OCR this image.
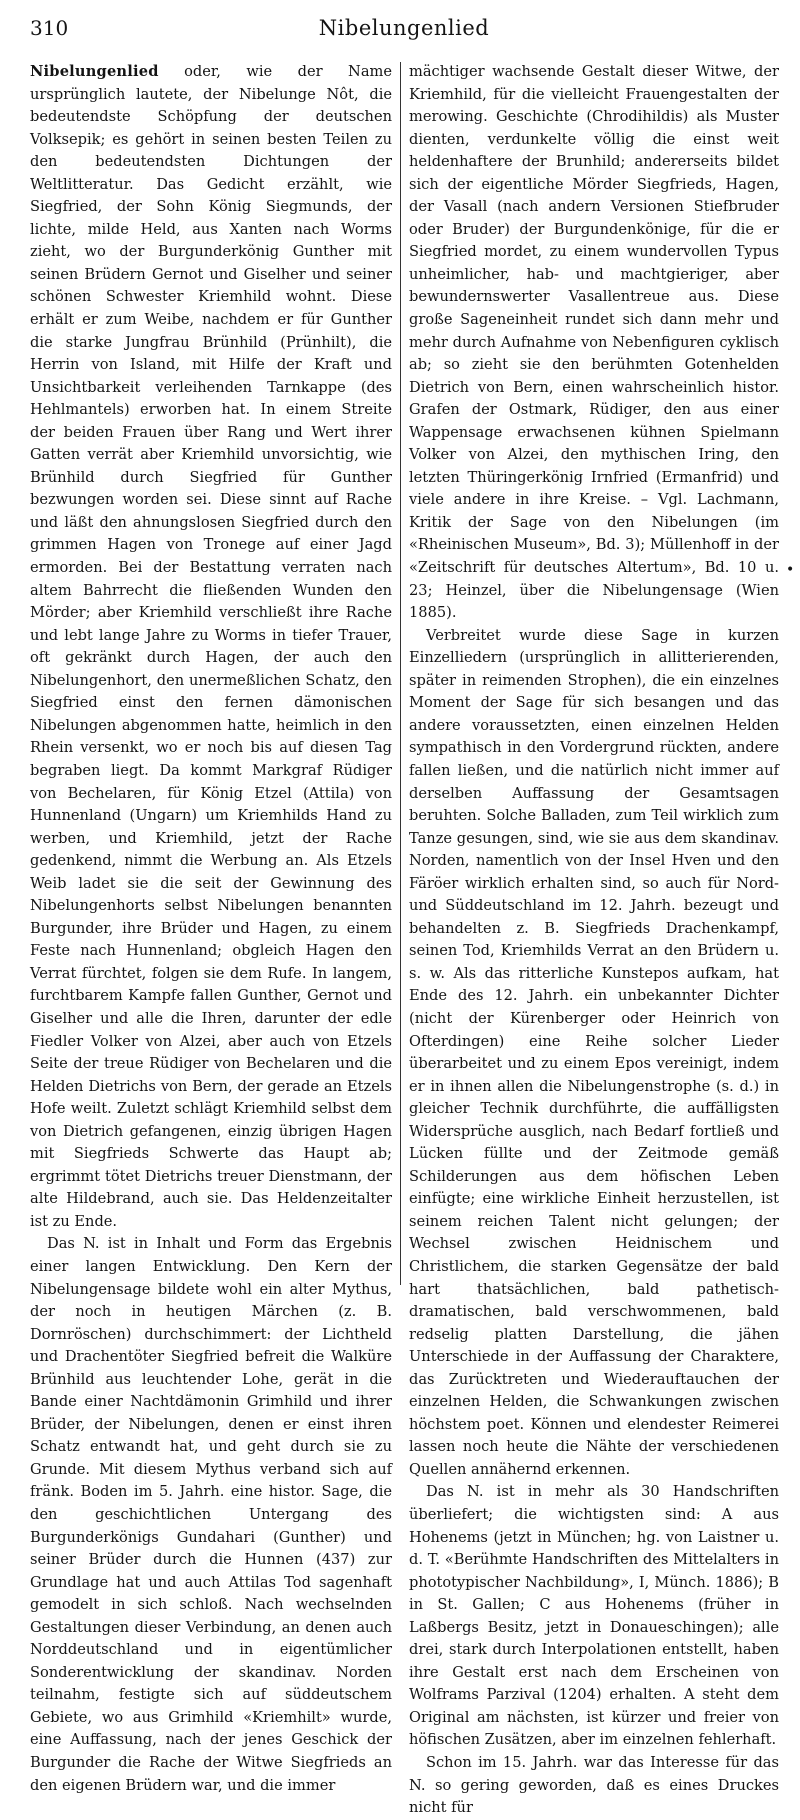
310	Nibelungenlied

Nibelungenlied oder, wie der Name ursprünglich lautete, der Nibelunge Nôt, die bedeutendste Schöpfung der deutschen Volksepik; es gehört in seinen besten Teilen zu den bedeutendsten Dichtungen der Weltlitteratur. Das Gedicht erzählt, wie Siegfried, der Sohn König Siegmunds, der lichte, milde Held, aus Xanten nach Worms zieht, wo der Burgunderkönig Gunther mit seinen Brüdern Gernot und Giselher und seiner schönen Schwester Kriemhild wohnt. Diese erhält er zum Weibe, nachdem er für Gunther die starke Jungfrau Brünhild (Prünhilt), die Herrin von Island, mit Hilfe der Kraft und Unsichtbarkeit verleihenden Tarnkappe (des Hehlmantels) erworben hat. In einem Streite der beiden Frauen über Rang und Wert ihrer Gatten verrät aber Kriemhild unvorsichtig, wie Brünhild durch Siegfried für Gunther bezwungen worden sei. Diese sinnt auf Rache und läßt den ahnungslosen Siegfried durch den grimmen Hagen von Tronege auf einer Jagd ermorden. Bei der Bestattung verraten nach altem Bahrrecht die fließenden Wunden den Mörder; aber Kriemhild verschließt ihre Rache und lebt lange Jahre zu Worms in tiefer Trauer, oft gekränkt durch Hagen, der auch den Nibelungenhort, den unermeßlichen Schatz, den Siegfried einst den fernen dämonischen Nibelungen abgenommen hatte, heimlich in den Rhein versenkt, wo er noch bis auf diesen Tag begraben liegt. Da kommt Markgraf Rüdiger von Bechelaren, für König Etzel (Attila) von Hunnenland (Ungarn) um Kriemhilds Hand zu werben, und Kriemhild, jetzt der Rache gedenkend, nimmt die Werbung an. Als Etzels Weib ladet sie die seit der Gewinnung des Nibelungenhorts selbst Nibelungen benannten Burgunder, ihre Brüder und Hagen, zu einem Feste nach Hunnenland; obgleich Hagen den Verrat fürchtet, folgen sie dem Rufe. In langem, furchtbarem Kampfe fallen Gunther, Gernot und Giselher und alle die Ihren, darunter der edle Fiedler Volker von Alzei, aber auch von Etzels Seite der treue Rüdiger von Bechelaren und die Helden Dietrichs von Bern, der gerade an Etzels Hofe weilt. Zuletzt schlägt Kriemhild selbst dem von Dietrich gefangenen, einzig übrigen Hagen mit Siegfrieds Schwerte das Haupt ab; ergrimmt tötet Dietrichs treuer Dienstmann, der alte Hildebrand, auch sie. Das Heldenzeitalter ist zu Ende.

Das N. ist in Inhalt und Form das Ergebnis einer langen Entwicklung. Den Kern der Nibelungensage bildete wohl ein alter Mythus, der noch in heutigen Märchen (z. B. Dornröschen) durchschimmert: der Lichtheld und Drachentöter Siegfried befreit die Walküre Brünhild aus leuchtender Lohe, gerät in die Bande einer Nachtdämonin Grimhild und ihrer Brüder, der Nibelungen, denen er einst ihren Schatz entwandt hat, und geht durch sie zu Grunde. Mit diesem Mythus verband sich auf fränk. Boden im 5. Jahrh. eine histor. Sage, die den geschichtlichen Untergang des Burgunderkönigs Gundahari (Gunther) und seiner Brüder durch die Hunnen (437) zur Grundlage hat und auch Attilas Tod sagenhaft gemodelt in sich schloß. Nach wechselnden Gestaltungen dieser Verbindung, an denen auch Norddeutschland und in eigentümlicher Sonderentwicklung der skandinav. Norden teilnahm, festigte sich auf süddeutschem Gebiete, wo aus Grimhild «Kriemhilt» wurde, eine Auffassung, nach der jenes Geschick der Burgunder die Rache der Witwe Siegfrieds an den eigenen Brüdern war, und die immer

mächtiger wachsende Gestalt dieser Witwe, der Kriemhild, für die vielleicht Frauengestalten der merowing. Geschichte (Chrodihildis) als Muster dienten, verdunkelte völlig die einst weit heldenhaftere der Brunhild; andererseits bildet sich der eigentliche Mörder Siegfrieds, Hagen, der Vasall (nach andern Versionen Stiefbruder oder Bruder) der Burgundenkönige, für die er Siegfried mordet, zu einem wundervollen Typus unheimlicher, hab- und machtgieriger, aber bewundernswerter Vasallentreue aus. Diese große Sageneinheit rundet sich dann mehr und mehr durch Aufnahme von Nebenfiguren cyklisch ab; so zieht sie den berühmten Gotenhelden Dietrich von Bern, einen wahrscheinlich histor. Grafen der Ostmark, Rüdiger, den aus einer Wappensage erwachsenen kühnen Spielmann Volker von Alzei, den mythischen Iring, den letzten Thüringerkönig Irnfried (Ermanfrid) und viele andere in ihre Kreise. – Vgl. Lachmann, Kritik der Sage von den Nibelungen (im «Rheinischen Museum», Bd. 3); Müllenhoff in der «Zeitschrift für deutsches Altertum», Bd. 10 u. 23; Heinzel, über die Nibelungensage (Wien 1885).

Verbreitet wurde diese Sage in kurzen Einzelliedern (ursprünglich in allitterierenden, später in reimenden Strophen), die ein einzelnes Moment der Sage für sich besangen und das andere voraussetzten, einen einzelnen Helden sympathisch in den Vordergrund rückten, andere fallen ließen, und die natürlich nicht immer auf derselben Auffassung der Gesamtsagen beruhten. Solche Balladen, zum Teil wirklich zum Tanze gesungen, sind, wie sie aus dem skandinav. Norden, namentlich von der Insel Hven und den Färöer wirklich erhalten sind, so auch für Nord- und Süddeutschland im 12. Jahrh. bezeugt und behandelten z. B. Siegfrieds Drachenkampf, seinen Tod, Kriemhilds Verrat an den Brüdern u. s. w. Als das ritterliche Kunstepos aufkam, hat Ende des 12. Jahrh. ein unbekannter Dichter (nicht der Kürenberger oder Heinrich von Ofterdingen) eine Reihe solcher Lieder überarbeitet und zu einem Epos vereinigt, indem er in ihnen allen die Nibelungenstrophe (s. d.) in gleicher Technik durchführte, die auffälligsten Widersprüche ausglich, nach Bedarf fortließ und Lücken füllte und der Zeitmode gemäß Schilderungen aus dem höfischen Leben einfügte; eine wirkliche Einheit herzustellen, ist seinem reichen Talent nicht gelungen; der Wechsel zwischen Heidnischem und Christlichem, die starken Gegensätze der bald hart thatsächlichen, bald pathetisch-dramatischen, bald verschwommenen, bald redselig platten Darstellung, die jähen Unterschiede in der Auffassung der Charaktere, das Zurücktreten und Wiederauftauchen der einzelnen Helden, die Schwankungen zwischen höchstem poet. Können und elendester Reimerei lassen noch heute die Nähte der verschiedenen Quellen annähernd erkennen.

Das N. ist in mehr als 30 Handschriften überliefert; die wichtigsten sind: A aus Hohenems (jetzt in München; hg. von Laistner u. d. T. «Berühmte Handschriften des Mittelalters in phototypischer Nachbildung», I, Münch. 1886); B in St. Gallen; C aus Hohenems (früher in Laßbergs Besitz, jetzt in Donaueschingen); alle drei, stark durch Interpolationen entstellt, haben ihre Gestalt erst nach dem Erscheinen von Wolframs Parzival (1204) erhalten. A steht dem Original am nächsten, ist kürzer und freier von höfischen Zusätzen, aber im einzelnen fehlerhaft.

Schon im 15. Jahrh. war das Interesse für das N. so gering geworden, daß es eines Druckes nicht für

•
